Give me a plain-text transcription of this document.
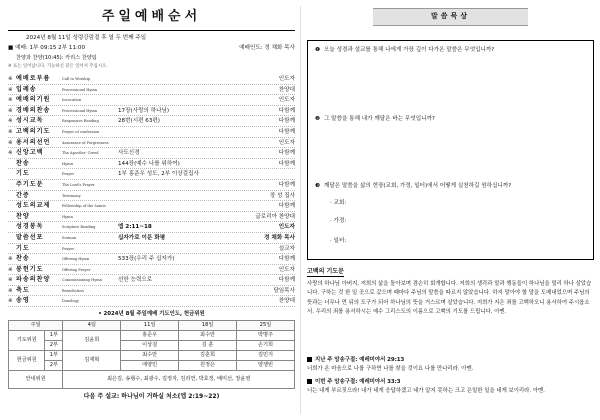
주일예배순서
2024년 8월 11일 성령강림절 후 열 두 번째 주일
■ 예배: 1부 09:15 2부 11:00	예배인도: 정 채화 목사
찬양과 찬양(10:45): 카리스 찬양팀
※ 표는 일어납니다. 가능하신 분은 일어서 주십시오.
※ 예배로부름	Call to Worship	인도자
※ 입례송	Processional Hymn	찬양대
※ 예배의기원	Invocation	인도자
※ 경배의찬송	Processional Hymn	17장(사랑의 하나님)	다함께
※ 성시교독	Responsive Reading	28번(시편 63편)	다함께
※ 고백의기도	Prayer of confession	다함께
※ 용서의선언	Assurance of Forgiveness	인도자
※ 신앙고백	The Apostles' Creed	사도신경	다함께
찬송	Hymn	144장(예수 나를 위하여)	다함께
기도	Prayer	1부 홍준우 성도, 2부 이상걸집사
주기도문	The Lord's Prayer	다함께
간증	Testimony	장 성 집사
성도의교제	Fellowship of the Saints	다함께
찬양	Hymn	글로리아 찬양대
성경봉독	Scripture Reading	엡 2:11~18	인도자
말씀선포	Sermon	십자가로 이룬 화평	정 채화 목사
기도	Prayer	설교자
※ 찬송	Offering Hymn	533장(우리 주 십자가)	다함께
※ 봉헌기도	Offering Prayer	인도자
※ 파송의찬양	Commissioning Hymn	선한 능력으로	다함께
※ 축도	Benediction	담임목사
※ 송영	Doxology	찬양대
• 2024년 8월 주일예배 기도인도, 헌금위원
주일		4일	11일	18일	25일
기도위원	1부	김윤희	홍준우	최수만	박명주
	2부		이상걸	김 훈	손기희
헌금위원	1부	김재혁	최수만	김훈희	김민지
	2부		애양민	원정은	양쟁빈
안내위원		최은김, 송형수, 최광수, 김정자, 김리연, 박효정, 배미선, 장윤영			
다음 주 설교: 하나님이 거하실 처소(엡 2:19~22)
말씀묵상
❶ 오늘 성경과 설교를 통해 나에게 가장 깊이 다가온 말씀은 무엇입니까?
❷ 그 말씀을 통해 내가 깨달은 바는 무엇입니까?
❸ 깨달은 말씀을 삶의 현장(교회, 가정, 일터)에서 어떻게 실천하길 원하십니까?
· 교회:
· 가정:
· 일터:
고백의 기도문
사랑의 하나님 아버지, 저희의 삶을 돌아보며 겸손히 회개합니다. 저희의 생각과 말과 행동들이 하나님을 멀리 하나 살았습니다. 구하는 것 한 일 곳으로 갔으며 때마다 주님의 말씀을 따르지 않았습니다. 하지 말아야 할 말을 도메내었으며 주님의 뜻과는 너무나 먼 뒤의 도구가 되어 하나님의 뜻을 거스르며 살았습니다. 저희가 지은 죄를 고백하오니 용서하여 주시옵소서. 우리의 죄를 용서하시는 예수 그리스도의 이름으로 고백의 기도를 드립니다. 아멘.
지난 주 암송구절: 예레미야서 29:13
너희가 온 마음으로 나를 구하면 나를 찾을 것이요 나를 만나리라. 아멘.
이번 주 암송구절: 예레미야서 33:3
너는 내게 부르짖으라! 내가 네게 응답하겠고 네가 알지 못하는 크고 은밀한 일을 네게 보이리라. 아멘.
